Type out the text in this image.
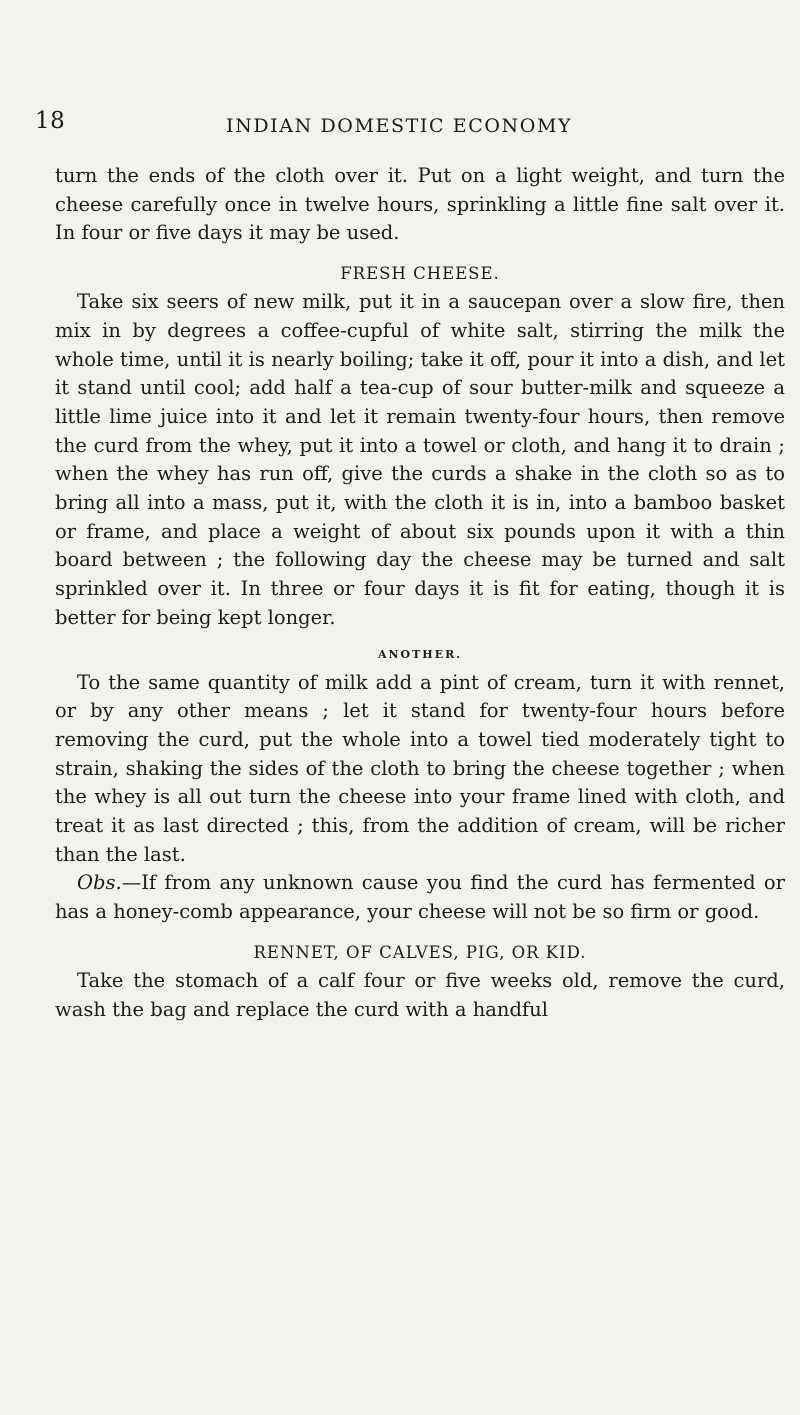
18	INDIAN DOMESTIC ECONOMY

turn the ends of the cloth over it. Put on a light weight, and turn the cheese carefully once in twelve hours, sprinkling a little fine salt over it. In four or five days it may be used.

FRESH CHEESE.

Take six seers of new milk, put it in a saucepan over a slow fire, then mix in by degrees a coffee-cupful of white salt, stirring the milk the whole time, until it is nearly boiling; take it off, pour it into a dish, and let it stand until cool; add half a tea-cup of sour butter-milk and squeeze a little lime juice into it and let it remain twenty-four hours, then remove the curd from the whey, put it into a towel or cloth, and hang it to drain ; when the whey has run off, give the curds a shake in the cloth so as to bring all into a mass, put it, with the cloth it is in, into a bamboo basket or frame, and place a weight of about six pounds upon it with a thin board between ; the following day the cheese may be turned and salt sprinkled over it. In three or four days it is fit for eating, though it is better for being kept longer.

ANOTHER.

To the same quantity of milk add a pint of cream, turn it with rennet, or by any other means ; let it stand for twenty-four hours before removing the curd, put the whole into a towel tied moderately tight to strain, shaking the sides of the cloth to bring the cheese together ; when the whey is all out turn the cheese into your frame lined with cloth, and treat it as last directed ; this, from the addition of cream, will be richer than the last.

Obs.—If from any unknown cause you find the curd has fermented or has a honey-comb appearance, your cheese will not be so firm or good.

RENNET, OF CALVES, PIG, OR KID.

Take the stomach of a calf four or five weeks old, remove the curd, wash the bag and replace the curd with a handful
